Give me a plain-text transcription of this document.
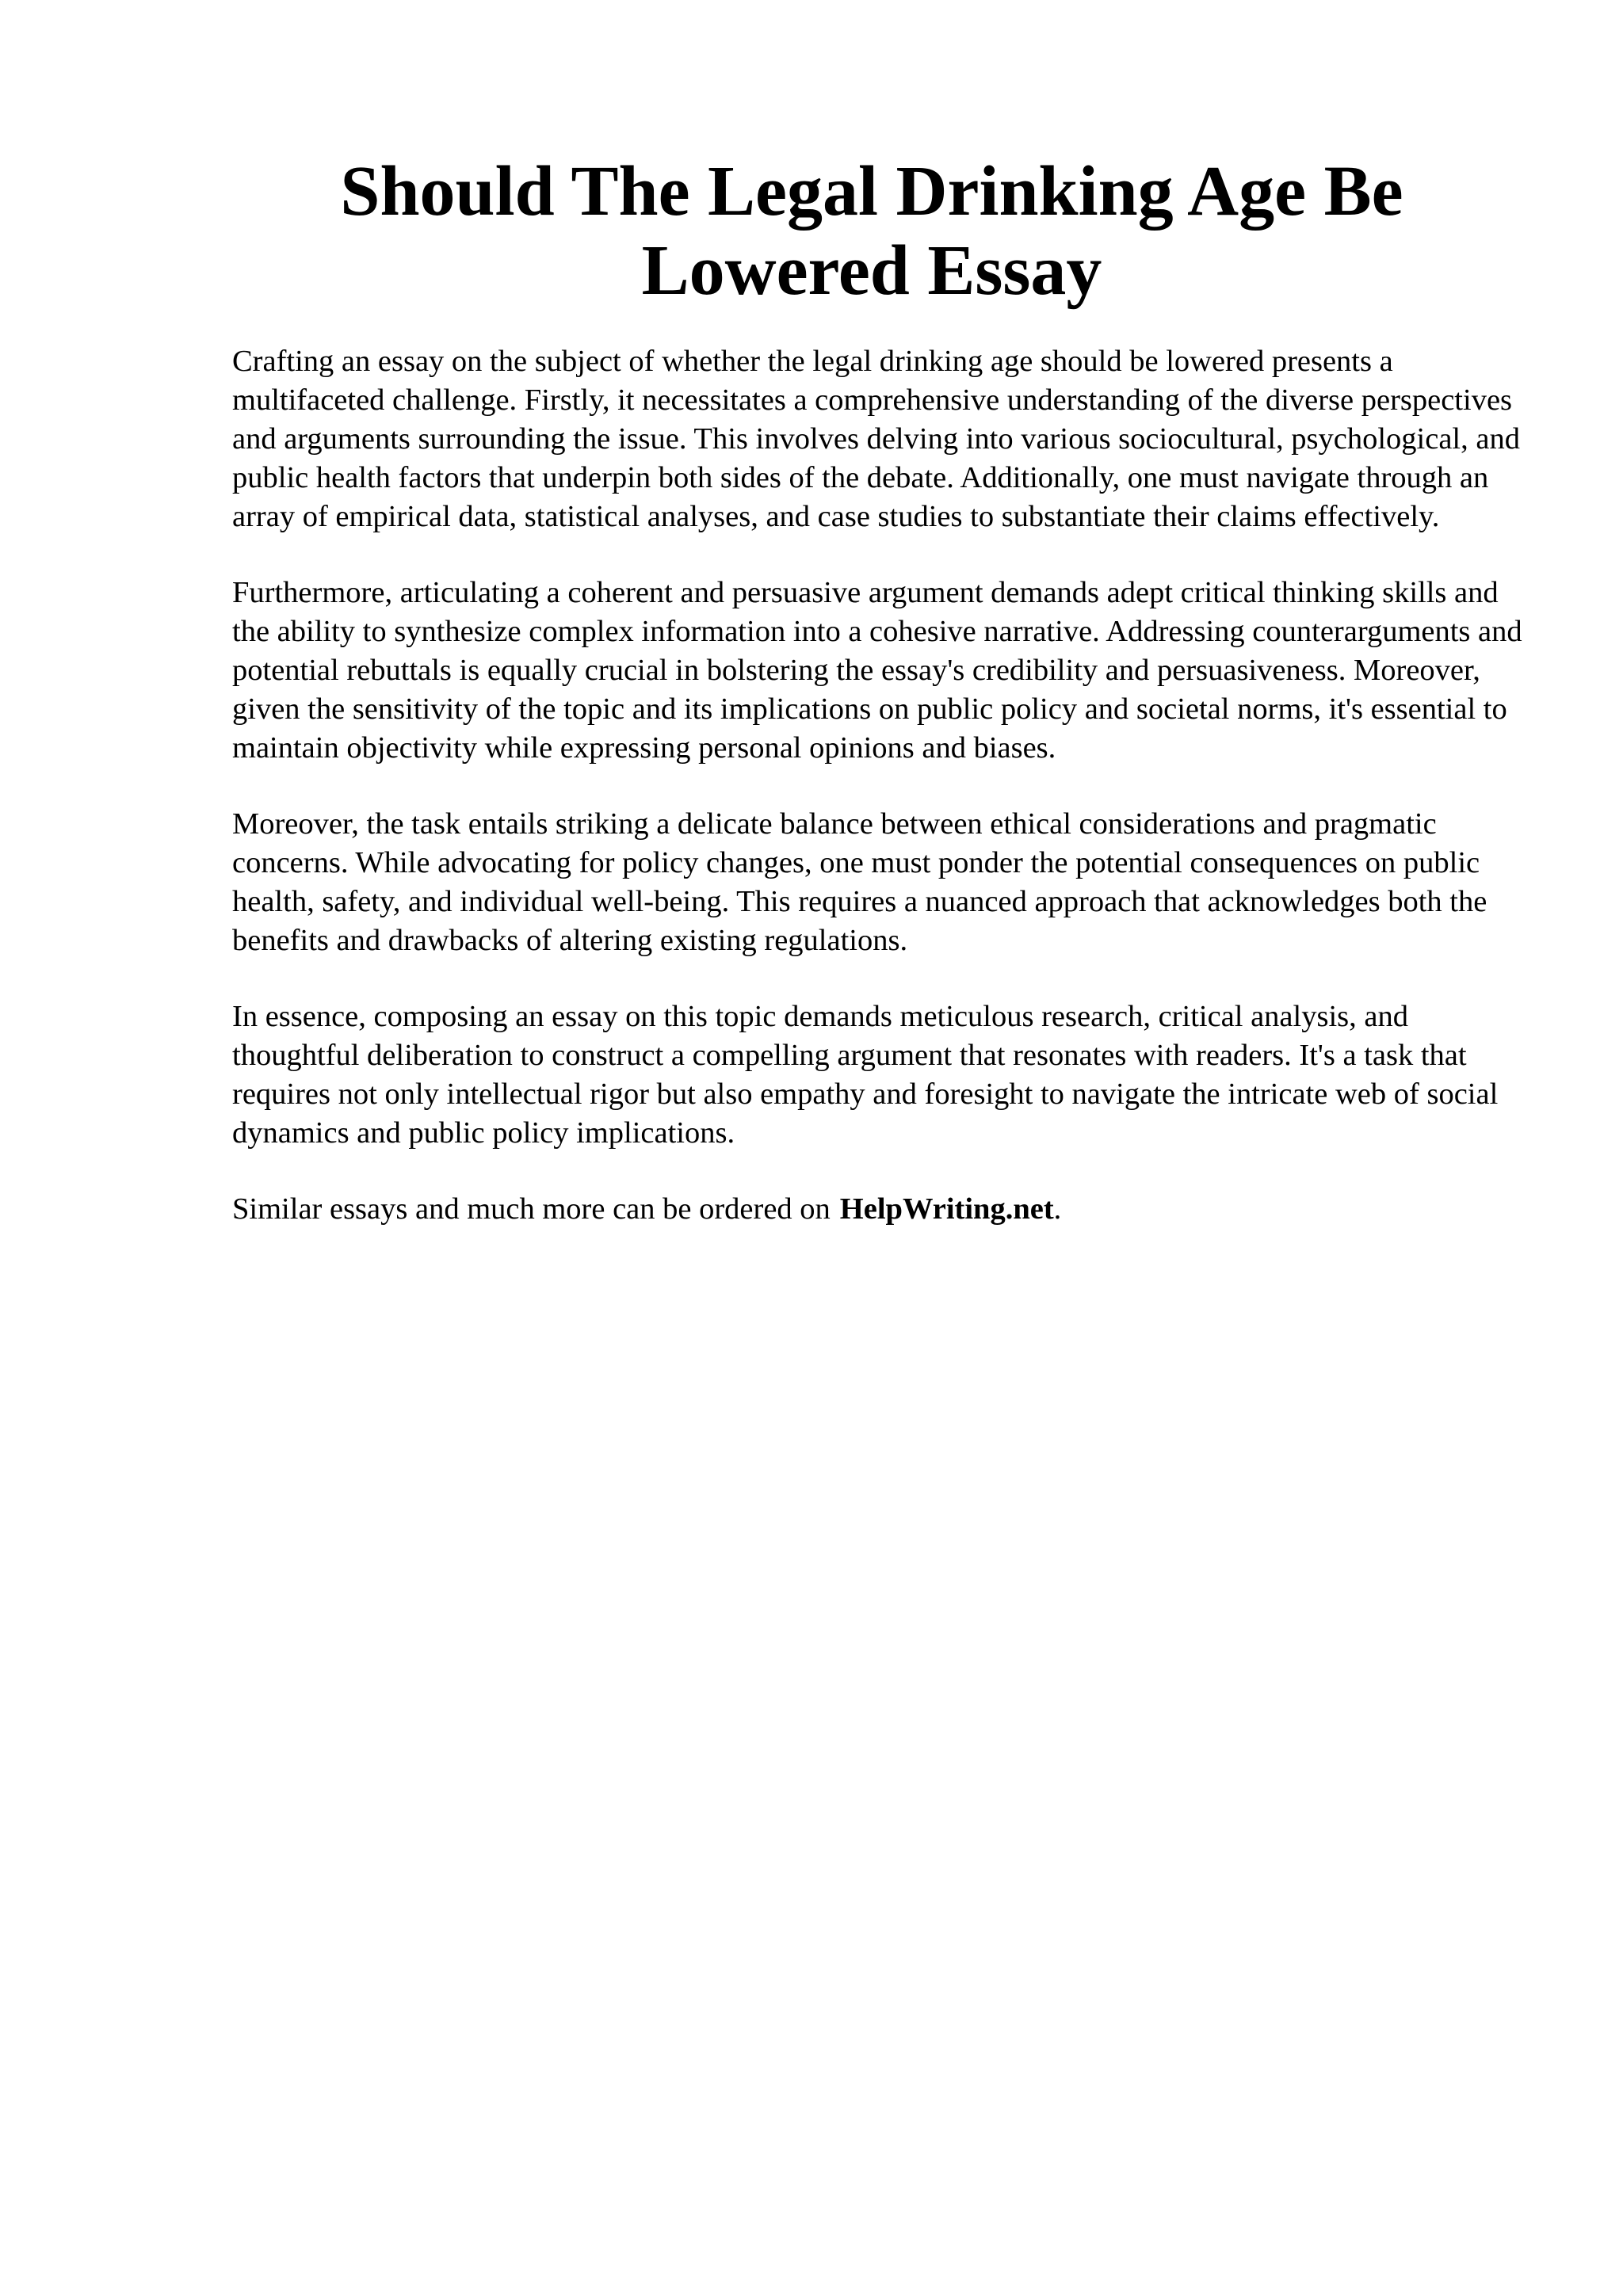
Should The Legal Drinking Age Be Lowered Essay

Crafting an essay on the subject of whether the legal drinking age should be lowered presents a multifaceted challenge. Firstly, it necessitates a comprehensive understanding of the diverse perspectives and arguments surrounding the issue. This involves delving into various sociocultural, psychological, and public health factors that underpin both sides of the debate. Additionally, one must navigate through an array of empirical data, statistical analyses, and case studies to substantiate their claims effectively.

Furthermore, articulating a coherent and persuasive argument demands adept critical thinking skills and the ability to synthesize complex information into a cohesive narrative. Addressing counterarguments and potential rebuttals is equally crucial in bolstering the essay's credibility and persuasiveness. Moreover, given the sensitivity of the topic and its implications on public policy and societal norms, it's essential to maintain objectivity while expressing personal opinions and biases.

Moreover, the task entails striking a delicate balance between ethical considerations and pragmatic concerns. While advocating for policy changes, one must ponder the potential consequences on public health, safety, and individual well-being. This requires a nuanced approach that acknowledges both the benefits and drawbacks of altering existing regulations.

In essence, composing an essay on this topic demands meticulous research, critical analysis, and thoughtful deliberation to construct a compelling argument that resonates with readers. It's a task that requires not only intellectual rigor but also empathy and foresight to navigate the intricate web of social dynamics and public policy implications.

Similar essays and much more can be ordered on HelpWriting.net.
